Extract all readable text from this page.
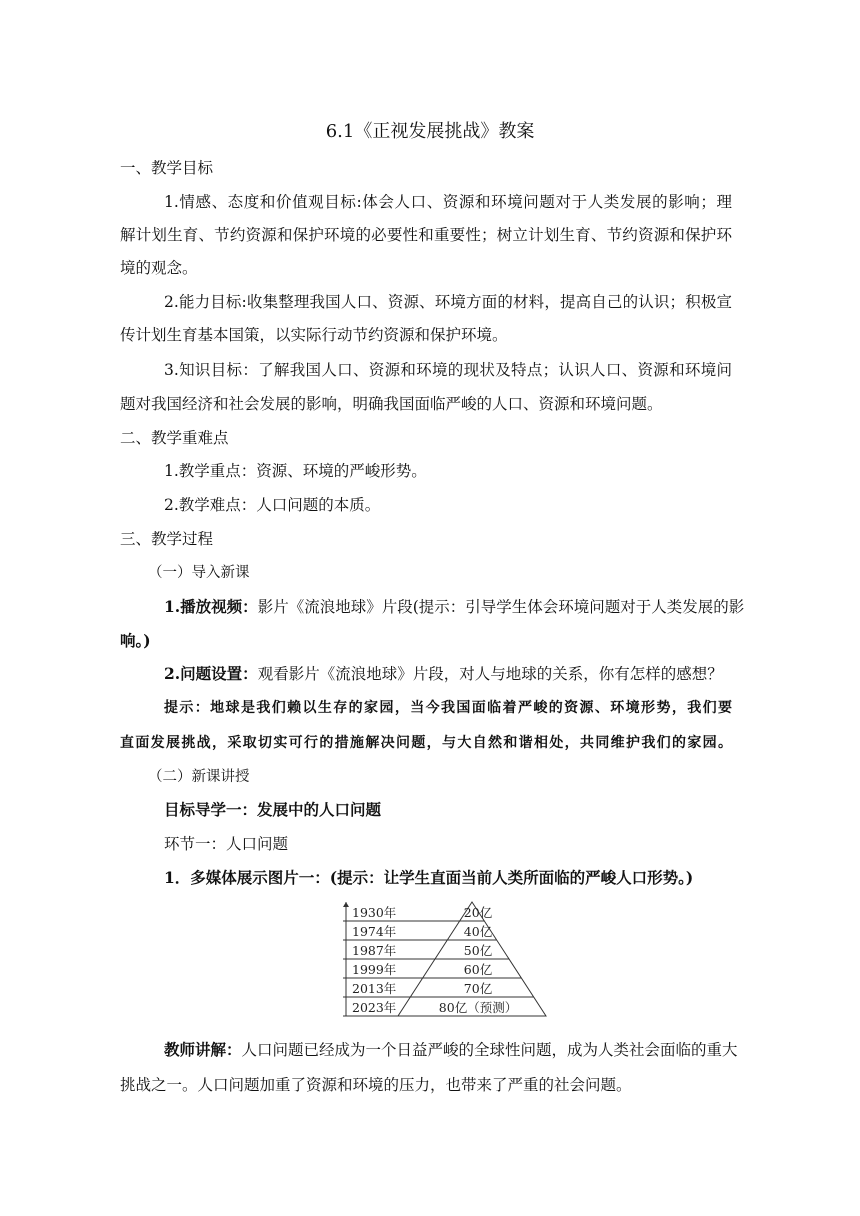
6.1《正视发展挑战》教案
一、教学目标
1.情感、态度和价值观目标:体会人口、资源和环境问题对于人类发展的影响；理
解计划生育、节约资源和保护环境的必要性和重要性；树立计划生育、节约资源和保护环
境的观念。
2.能力目标:收集整理我国人口、资源、环境方面的材料，提高自己的认识；积极宣
传计划生育基本国策，以实际行动节约资源和保护环境。
3.知识目标：了解我国人口、资源和环境的现状及特点；认识人口、资源和环境问
题对我国经济和社会发展的影响，明确我国面临严峻的人口、资源和环境问题。
二、教学重难点
1.教学重点：资源、环境的严峻形势。
2.教学难点：人口问题的本质。
三、教学过程
（一）导入新课
1.播放视频：影片《流浪地球》片段(提示：引导学生体会环境问题对于人类发展的影
响。)
2.问题设置：观看影片《流浪地球》片段，对人与地球的关系，你有怎样的感想？
提示：地球是我们赖以生存的家园，当今我国面临着严峻的资源、环境形势，我们要
直面发展挑战，采取切实可行的措施解决问题，与大自然和谐相处，共同维护我们的家园。
（二）新课讲授
目标导学一：发展中的人口问题
环节一：人口问题
1．多媒体展示图片一：(提示：让学生直面当前人类所面临的严峻人口形势。)
1930年	20亿
1974年	40亿
1987年	50亿
1999年	60亿
2013年	70亿
2023年	80亿（预测）
教师讲解：人口问题已经成为一个日益严峻的全球性问题，成为人类社会面临的重大
挑战之一。人口问题加重了资源和环境的压力，也带来了严重的社会问题。
